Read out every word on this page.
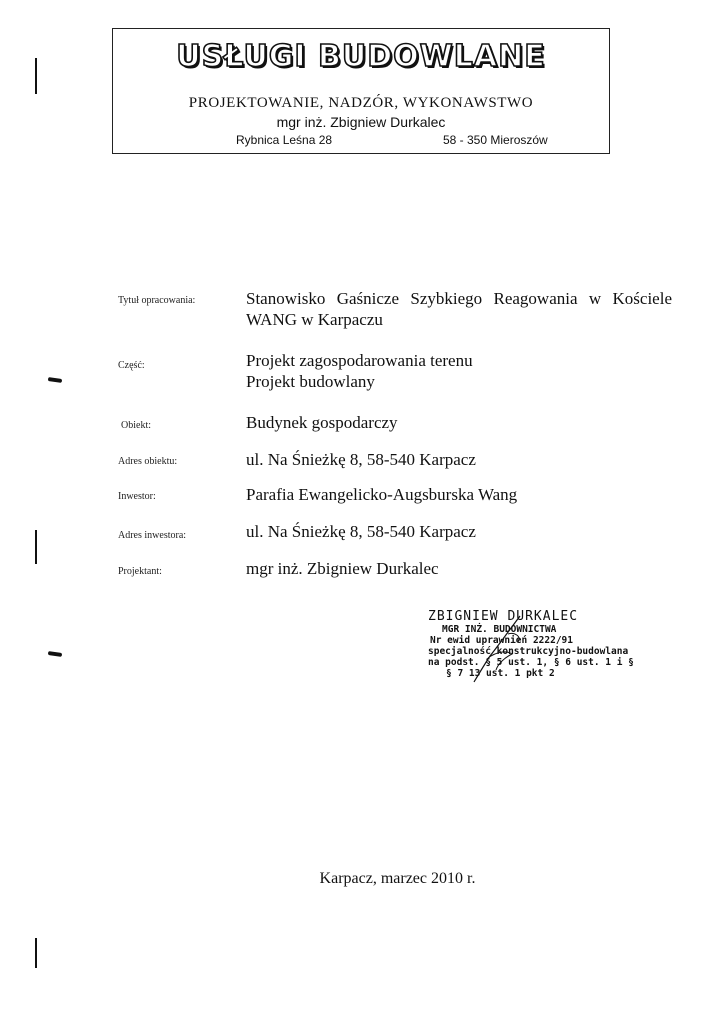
USŁUGI BUDOWLANE
PROJEKTOWANIE, NADZÓR, WYKONAWSTWO
mgr inż. Zbigniew Durkalec
Rybnica Leśna 28	58 - 350 Mieroszów
Tytuł opracowania:	Stanowisko Gaśnicze Szybkiego Reagowania w Kościele
WANG w Karpaczu
Część:	Projekt zagospodarowania terenu
Projekt budowlany
Obiekt:	Budynek gospodarczy
Adres obiektu:	ul. Na Śnieżkę 8, 58-540 Karpacz
Inwestor:	Parafia Ewangelicko-Augsburska Wang
Adres inwestora:	ul. Na Śnieżkę 8, 58-540 Karpacz
Projektant:	mgr inż. Zbigniew Durkalec
ZBIGNIEW DURKALEC
MGR INŻ. BUDOWNICTWA
Nr ewid uprawnień 2222/91
specjalność konstrukcyjno-budowlana
na podst. § 5 ust. 1, § 6 ust. 1 i §
§ 7 13 ust. 1 pkt 2
Karpacz, marzec 2010 r.
